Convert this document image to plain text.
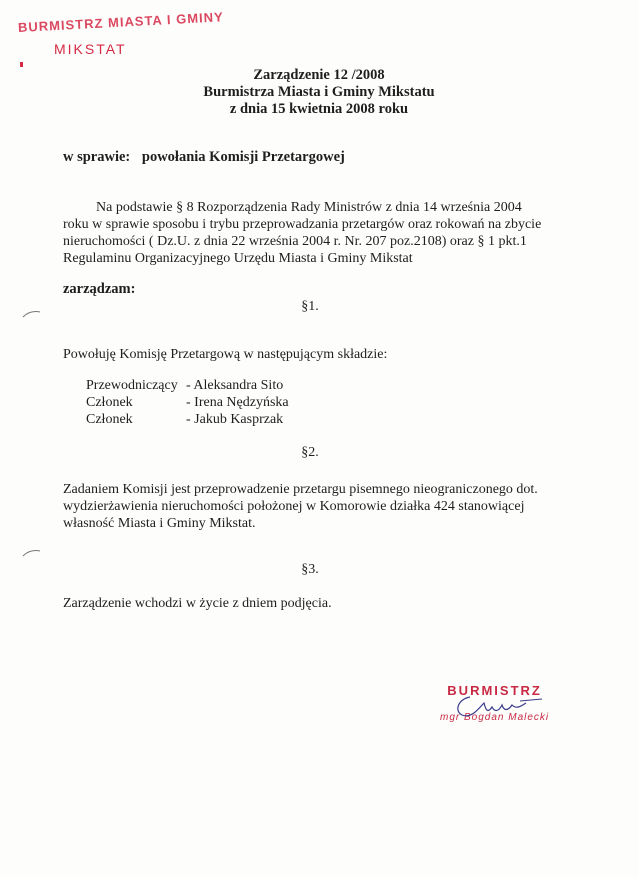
BURMISTRZ MIASTA I GMINY
MIKSTAT
Zarządzenie 12 /2008
Burmistrza Miasta i Gminy Mikstatu
z dnia 15 kwietnia 2008 roku
w sprawie: powołania Komisji Przetargowej
Na podstawie § 8 Rozporządzenia Rady Ministrów z dnia 14 września 2004
roku w sprawie sposobu i trybu przeprowadzania przetargów oraz rokowań na zbycie
nieruchomości ( Dz.U. z dnia 22 września 2004 r. Nr. 207 poz.2108) oraz § 1 pkt.1
Regulaminu Organizacyjnego Urzędu Miasta i Gminy Mikstat
zarządzam:
§1.
Powołuję Komisję Przetargową w następującym składzie:
Przewodniczący	- Aleksandra Sito
Członek	- Irena Nędzyńska
Członek	- Jakub Kasprzak
§2.
Zadaniem Komisji jest przeprowadzenie przetargu pisemnego nieograniczonego dot.
wydzierżawienia nieruchomości położonej w Komorowie działka 424 stanowiącej
własność Miasta i Gminy Mikstat.
§3.
Zarządzenie wchodzi w życie z dniem podjęcia.
BURMISTRZ
mgr Bogdan Malecki
